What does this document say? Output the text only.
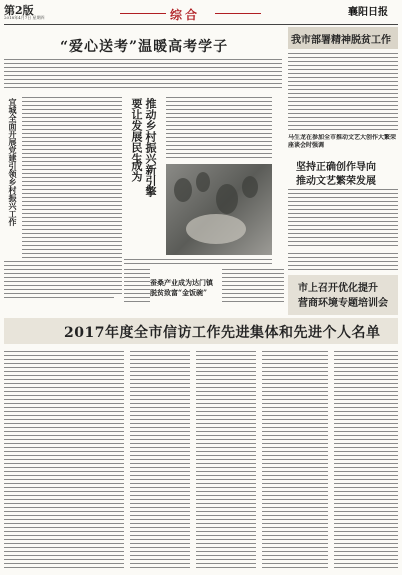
第2版
2018年4月7日 星期四	综合	襄阳日报
“爱心送考”温暖高考学子	我市部署精神脱贫工作
推动乡村振兴新引擎
要让发展民生
成为
宜城全面开展党建引领乡村振兴工作	马生龙在参加全市推动文艺大创作大繁荣座谈会时强调
坚持正确创作导向
推动文艺繁荣发展
市上召开优化提升
营商环境专题培训会
蚕桑产业成为达门镇
脱贫致富“金饭碗”
2017年度全市信访工作先进集体和先进个人名单
